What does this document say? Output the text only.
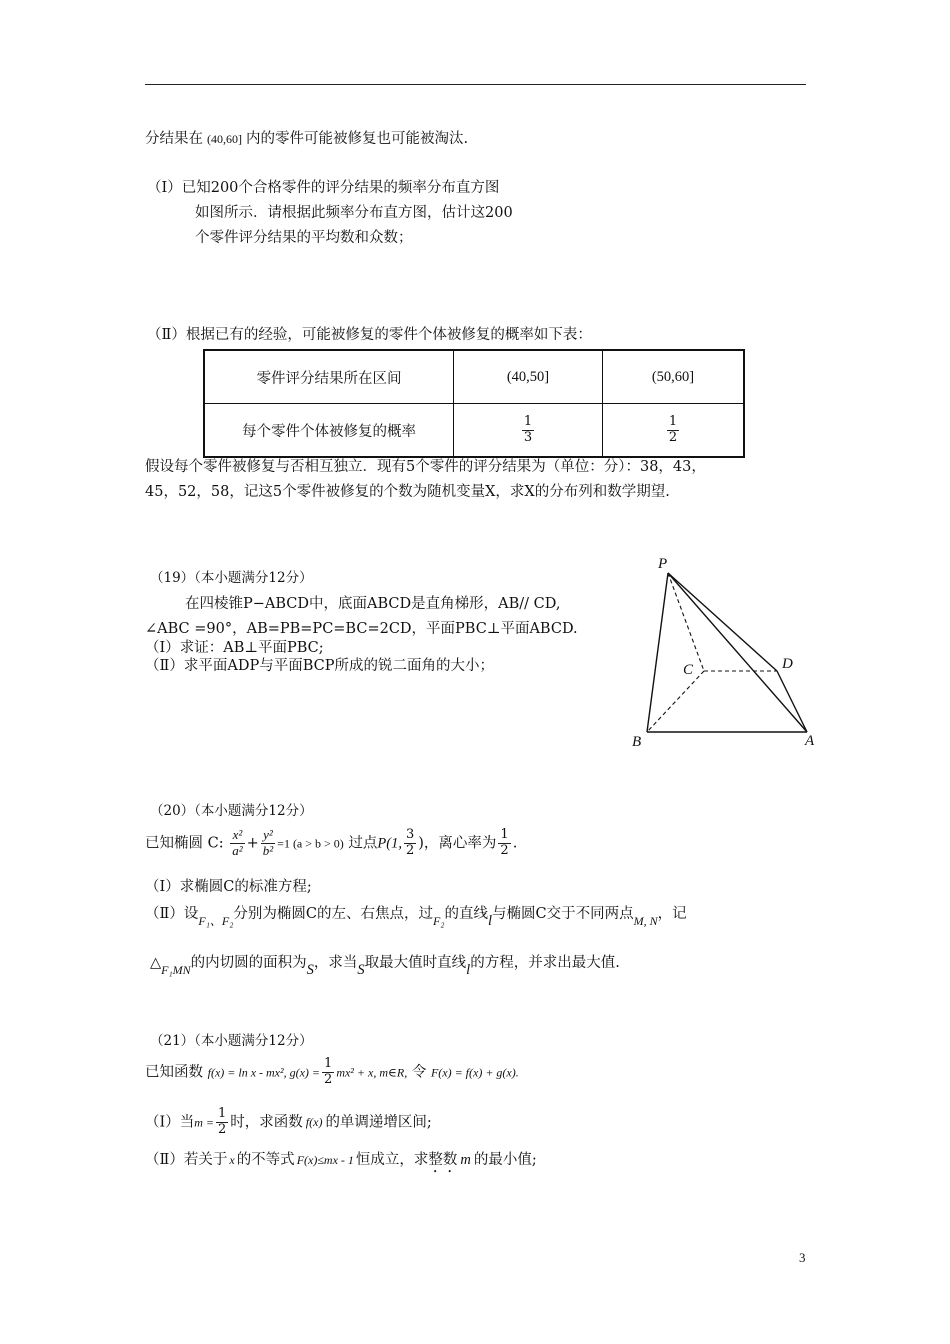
分结果在 (40,60] 内的零件可能被修复也可能被淘汰.
（Ⅰ）已知200个合格零件的评分结果的频率分布直方图
如图所示．请根据此频率分布直方图，估计这200
个零件评分结果的平均数和众数；
（Ⅱ）根据已有的经验，可能被修复的零件个体被修复的概率如下表：
零件评分结果所在区间	(40,50]	(50,60]
每个零件个体被修复的概率	$\frac{1}{3}$	$\frac{1}{2}$
假设每个零件被修复与否相互独立．现有5个零件的评分结果为（单位：分）：38，43，
45，52，58，记这5个零件被修复的个数为随机变量X，求X的分布列和数学期望.
（19）（本小题满分12分）
在四棱锥P−ABCD中，底面ABCD是直角梯形，AB// CD,
∠ABC =90°，AB=PB=PC=BC=2CD，平面PBC⊥平面ABCD.
（Ⅰ）求证：AB⊥平面PBC;
（Ⅱ）求平面ADP与平面BCP所成的锐二面角的大小；
P
C	D
B	A
（20）（本小题满分12分）
已知椭圆 C: $\frac{\text{x²}}{\text{a²}} + \frac{\text{y²}}{\text{b²}} =1$ (a > b > 0) 过点P(1, $\frac{3}{2}$ )，离心率为 $\frac{1}{2}$ .
（Ⅰ）求椭圆C的标准方程;
（Ⅱ）设$_{F_1、F_2}$分别为椭圆C的左、右焦点，过$_{F_2}$的直线l与椭圆C交于不同两点$_{M, N}$，记
$\triangle_{F_1MN}$的内切圆的面积为S，求当S取最大值时直线l的方程，并求出最大值.
（21）（本小题满分12分）
已知函数 f(x) = ln x - mx², $g(x) = \frac{1}{2} mx^2 + x$, m∈R, 令 F(x) = f(x) + g(x).
（Ⅰ）当$m = \frac{1}{2}$ 时，求函数 f(x) 的单调递增区间;
（Ⅱ）若关于 x 的不等式 F(x)≤mx - 1 恒成立，求整数 m 的最小值;
3
